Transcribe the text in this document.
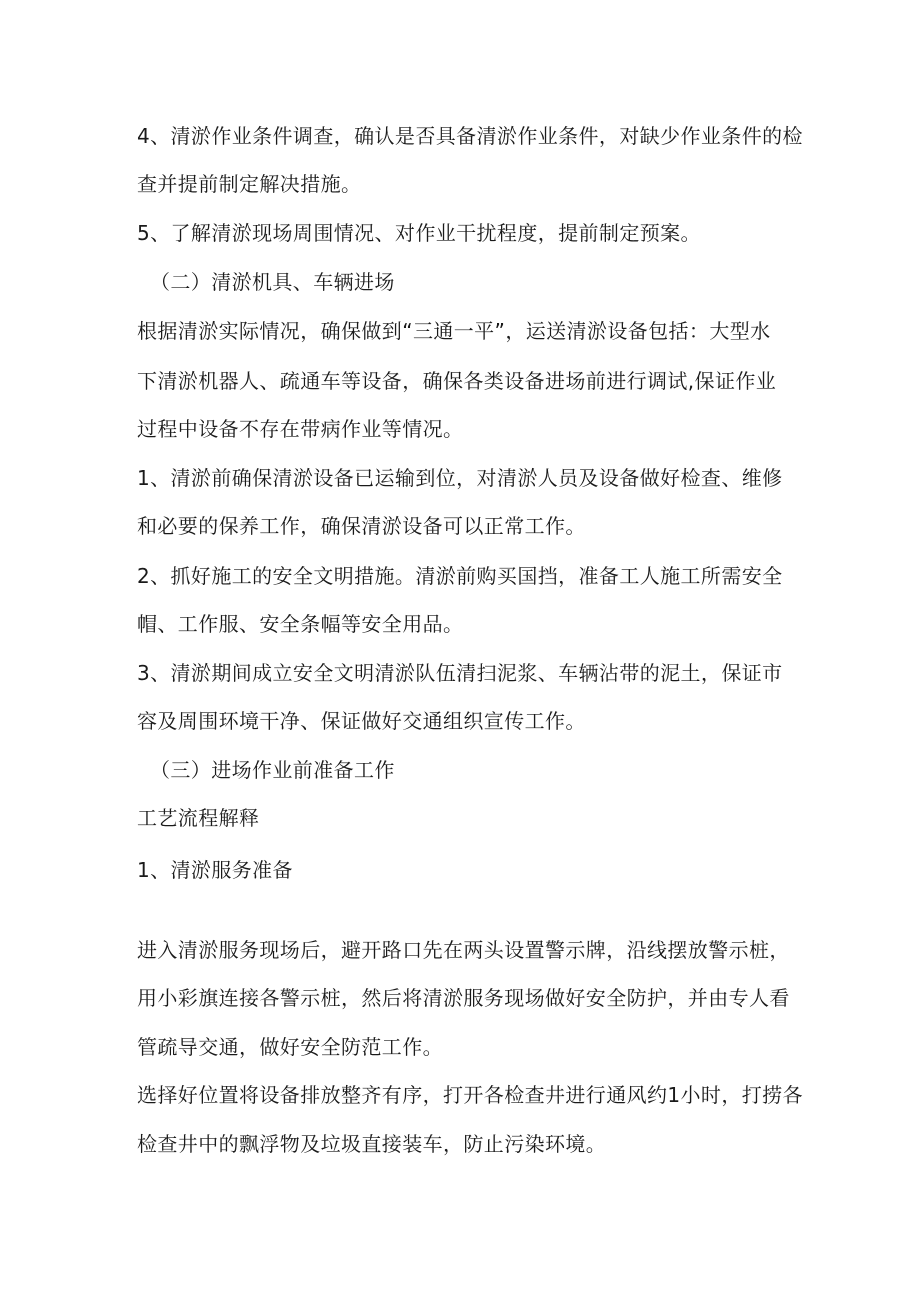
4、清淤作业条件调查，确认是否具备清淤作业条件，对缺少作业条件的检
查并提前制定解决措施。
5、了解清淤现场周围情况、对作业干扰程度，提前制定预案。
（二）清淤机具、车辆进场
根据清淤实际情况，确保做到“三通一平”，运送清淤设备包括：大型水
下清淤机器人、疏通车等设备，确保各类设备进场前进行调试,保证作业
过程中设备不存在带病作业等情况。
1、清淤前确保清淤设备已运输到位，对清淤人员及设备做好检查、维修
和必要的保养工作，确保清淤设备可以正常工作。
2、抓好施工的安全文明措施。清淤前购买国挡，准备工人施工所需安全
帽、工作服、安全条幅等安全用品。
3、清淤期间成立安全文明清淤队伍清扫泥浆、车辆沾带的泥土，保证市
容及周围环境干净、保证做好交通组织宣传工作。
（三）进场作业前准备工作
工艺流程解释
1、清淤服务准备
进入清淤服务现场后，避开路口先在两头设置警示牌，沿线摆放警示桩，
用小彩旗连接各警示桩，然后将清淤服务现场做好安全防护，并由专人看
管疏导交通，做好安全防范工作。
选择好位置将设备排放整齐有序，打开各检查井进行通风约1小时，打捞各
检查井中的飘浮物及垃圾直接装车，防止污染环境。
